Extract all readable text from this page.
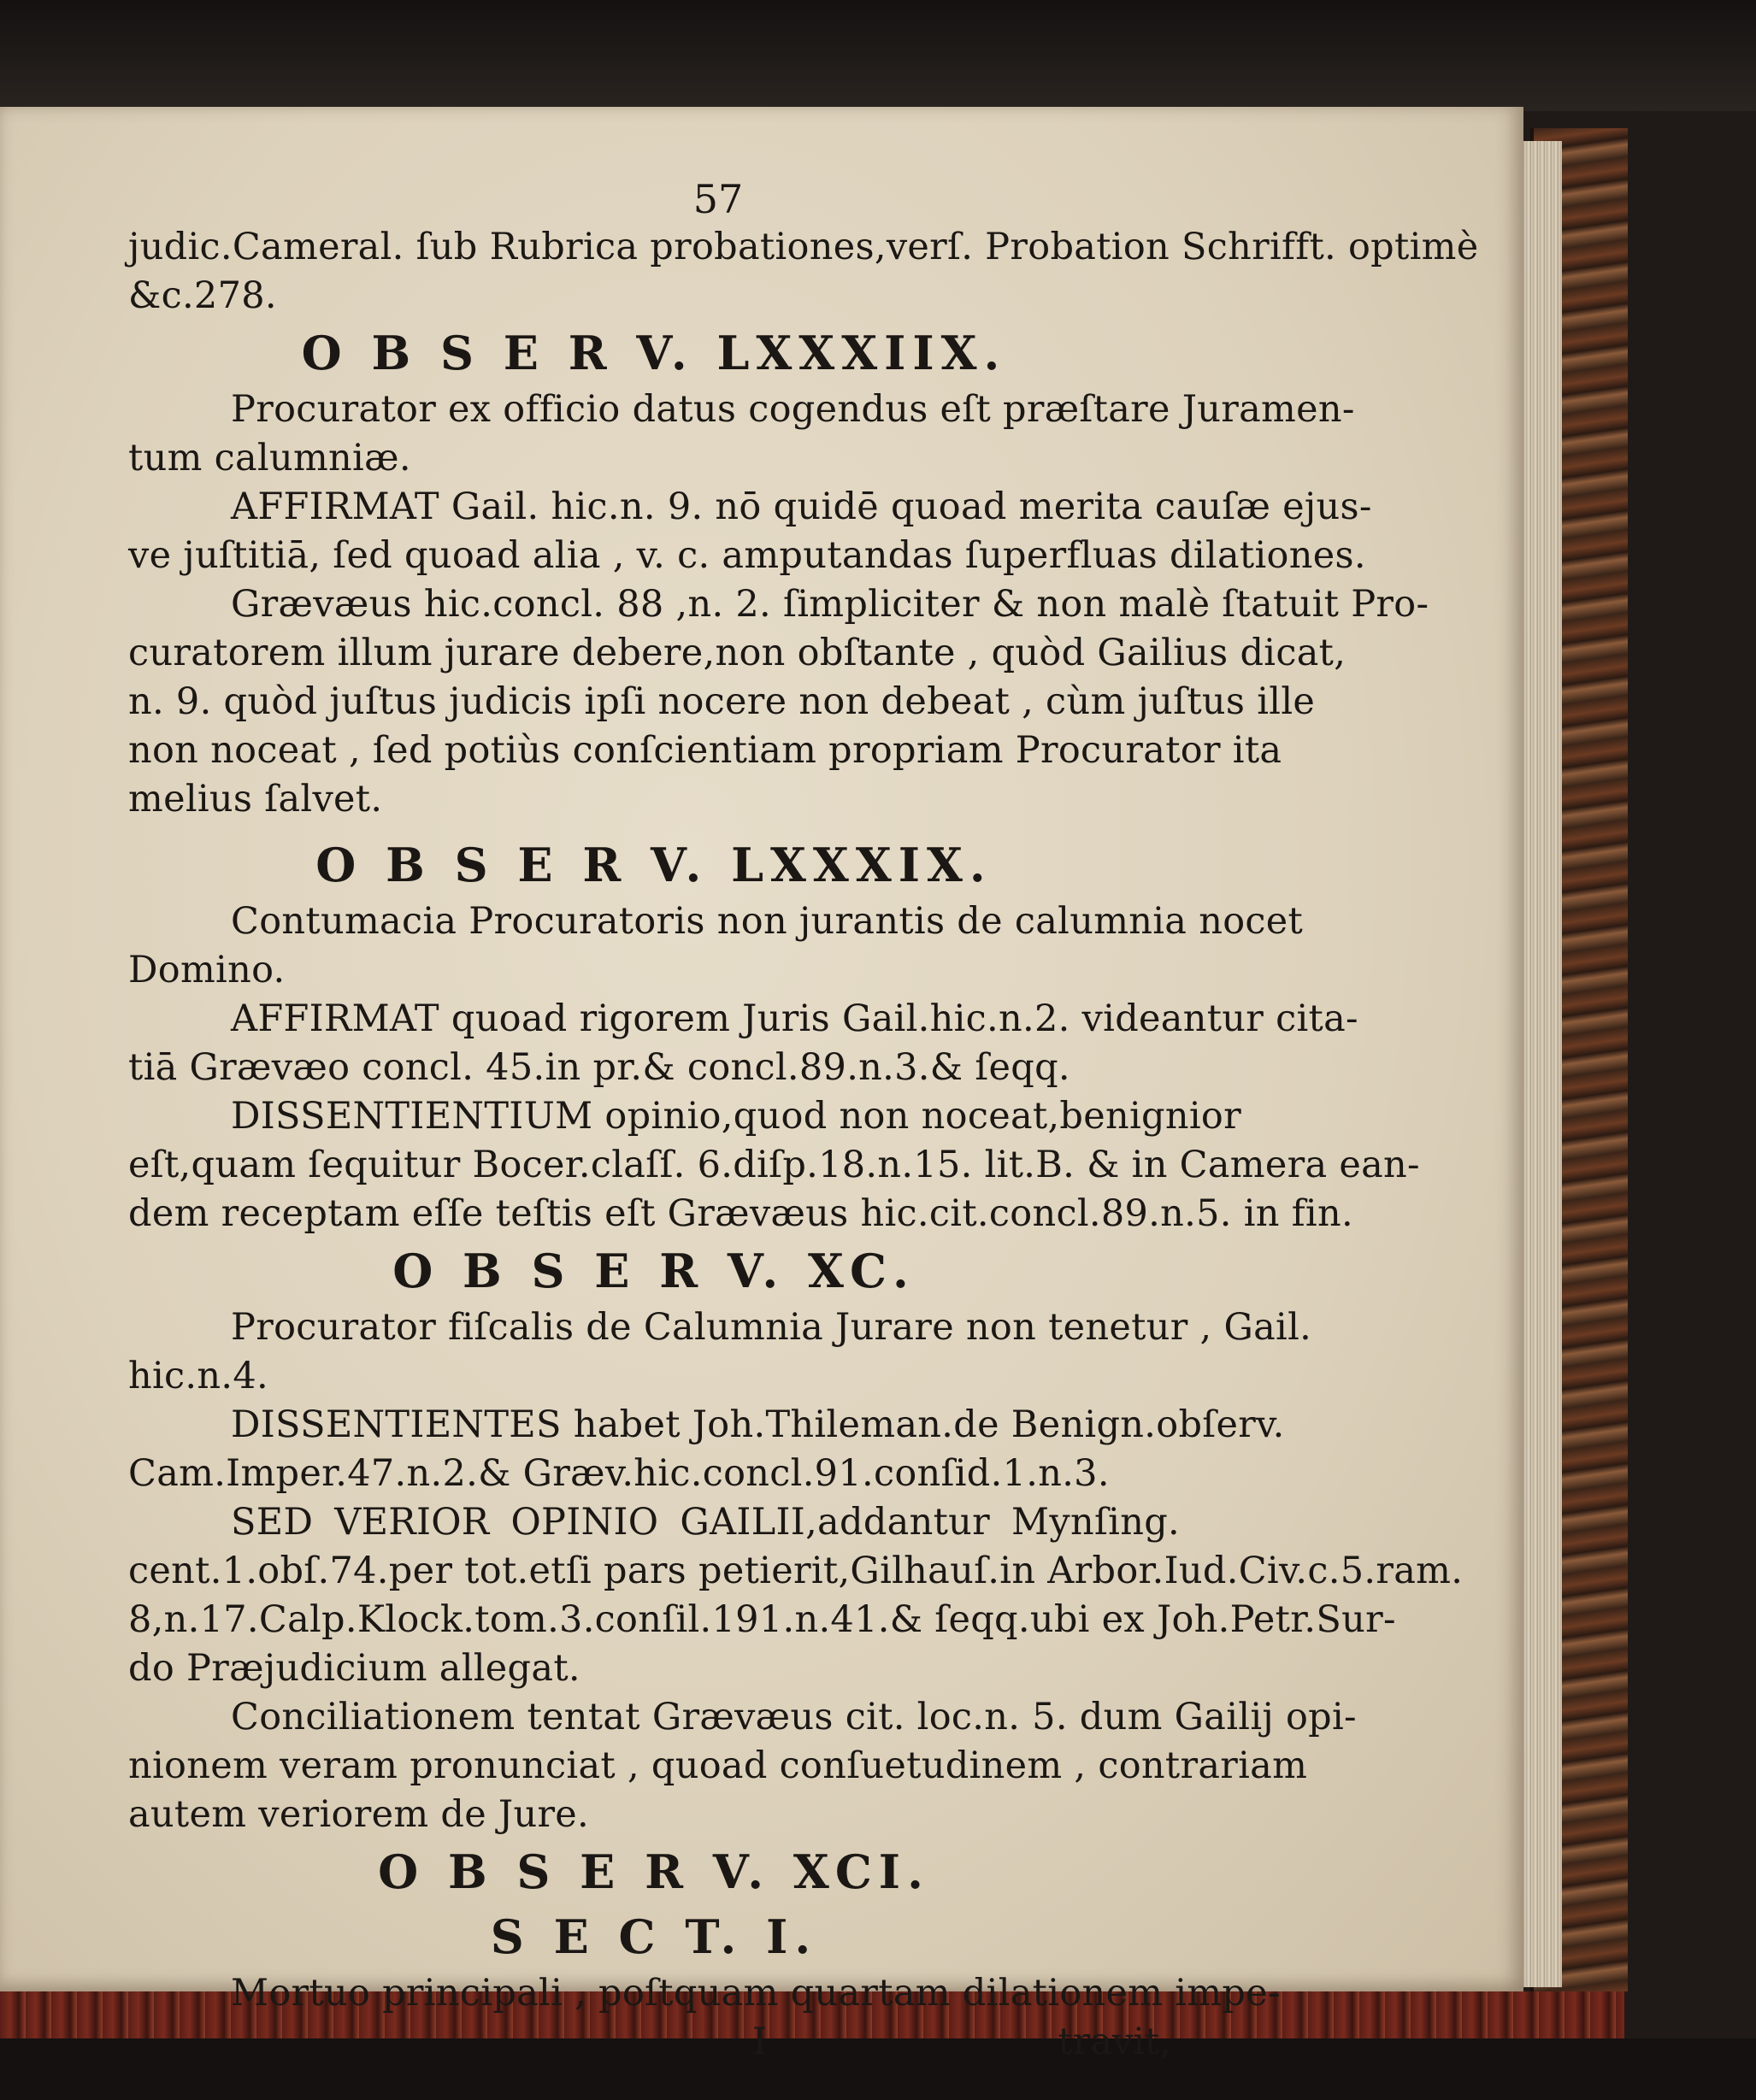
57
judic.Cameral. ſub Rubrica probationes,verſ. Probation Schrifft. optimè
&c.278.
O B S E R V. LXXXIIX.
Procurator ex officio datus cogendus eſt præſtare Juramen-
tum calumniæ.
AFFIRMAT Gail. hic.n. 9. nō quidē quoad merita cauſæ ejus-
ve juſtitiā, ſed quoad alia , v. c. amputandas ſuperfluas dilationes.
Grævæus hic.concl. 88 ,n. 2. ſimpliciter & non malè ſtatuit Pro-
curatorem illum jurare debere,non obſtante , quòd Gailius dicat,
n. 9. quòd juſtus judicis ipſi nocere non debeat , cùm juſtus ille
non noceat , ſed potiùs conſcientiam propriam Procurator ita
melius ſalvet.
O B S E R V. LXXXIX.
Contumacia Procuratoris non jurantis de calumnia nocet
Domino.
AFFIRMAT quoad rigorem Juris Gail.hic.n.2. videantur cita-
tiā Grævæo concl. 45.in pr.& concl.89.n.3.& ſeqq.
DISSENTIENTIUM opinio,quod non noceat,benignior
eſt,quam ſequitur Bocer.claſſ. 6.diſp.18.n.15. lit.B. & in Camera ean-
dem receptam eſſe teſtis eſt Grævæus hic.cit.concl.89.n.5. in fin.
O B S E R V. XC.
Procurator fiſcalis de Calumnia Jurare non tenetur , Gail.
hic.n.4.
DISSENTIENTES habet Joh.Thileman.de Benign.obſerv.
Cam.Imper.47.n.2.& Græv.hic.concl.91.conſid.1.n.3.
SED VERIOR OPINIO GAILII,addantur Mynſing.
cent.1.obſ.74.per tot.etſi pars petierit,Gilhauſ.in Arbor.Iud.Civ.c.5.ram.
8,n.17.Calp.Klock.tom.3.conſil.191.n.41.& ſeqq.ubi ex Joh.Petr.Sur-
do Præjudicium allegat.
Conciliationem tentat Grævæus cit. loc.n. 5. dum Gailij opi-
nionem veram pronunciat , quoad conſuetudinem , contrariam
autem veriorem de Jure.
O B S E R V. XCI.
S E C T. I.
Mortuo principali , poſtquam quartam dilationem impe-
I	travit,
